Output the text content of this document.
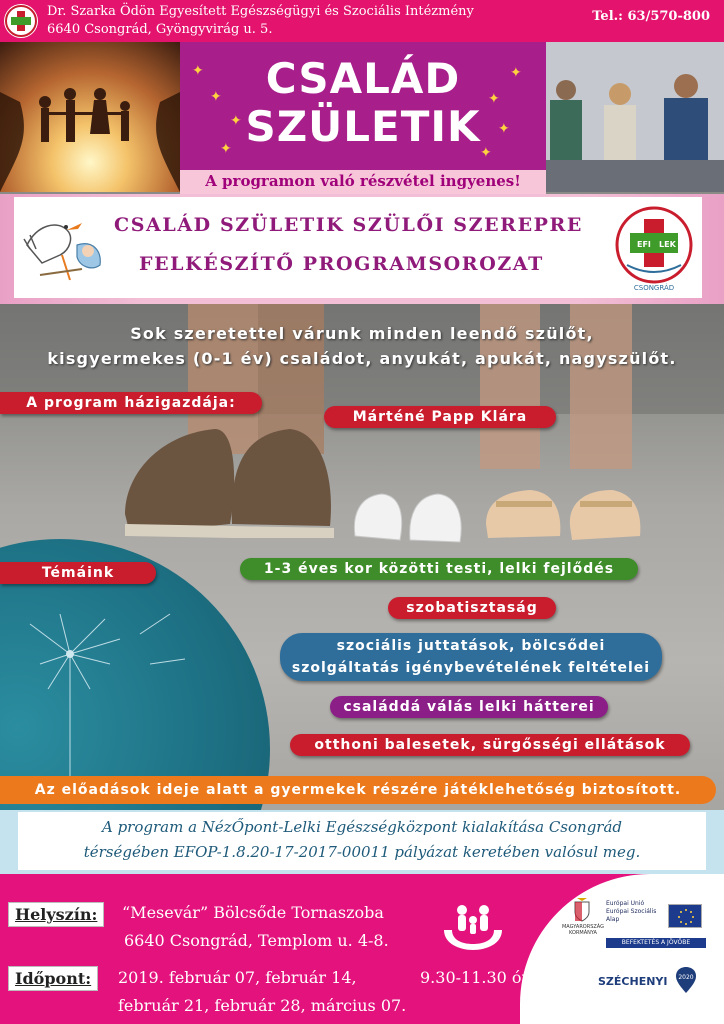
Dr. Szarka Ödön Egyesített Egészségügyi és Szociális Intézmény
6640 Csongrád, Gyöngyvirág u. 5.
Tel.: 63/570-800
CSALÁD
SZÜLETIK
✦
✦
✦
✦
✦
✦
✦
✦
A programon való részvétel ingyenes!
CSALÁD SZÜLETIK SZÜLŐI SZEREPRE
FELKÉSZÍTŐ PROGRAMSOROZAT
EFI LEK
CSONGRÁD
Sok szeretettel várunk minden leendő szülőt,
kisgyermekes (0-1 év) családot, anyukát, apukát, nagyszülőt.
A program házigazdája:
Márténé Papp Klára
Témáink	1-3 éves kor közötti testi, lelki fejlődés
szobatisztaság
szociális juttatások, bölcsődei
szolgáltatás igénybevételének feltételei
családdá válás lelki hátterei
otthoni balesetek, sürgősségi ellátások
Az előadások ideje alatt a gyermekek részére játéklehetőség biztosított.
A program a NézŐpont-Lelki Egészségközpont kialakítása Csongrád
térségében EFOP-1.8.20-17-2017-00011 pályázat keretében valósul meg.
Helyszín:	“Mesevár” Bölcsőde Tornaszoba
6640 Csongrád, Templom u. 4-8.
Időpont:	2019. február 07, február 14,	9.30-11.30 óra
február 21, február 28, március 07.
MAGYARORSZÁG
KORMÁNYA
Európai Unió
Európai Szociális
Alap
BEFEKTETÉS A JÖVŐBE
SZÉCHENYI 2020
